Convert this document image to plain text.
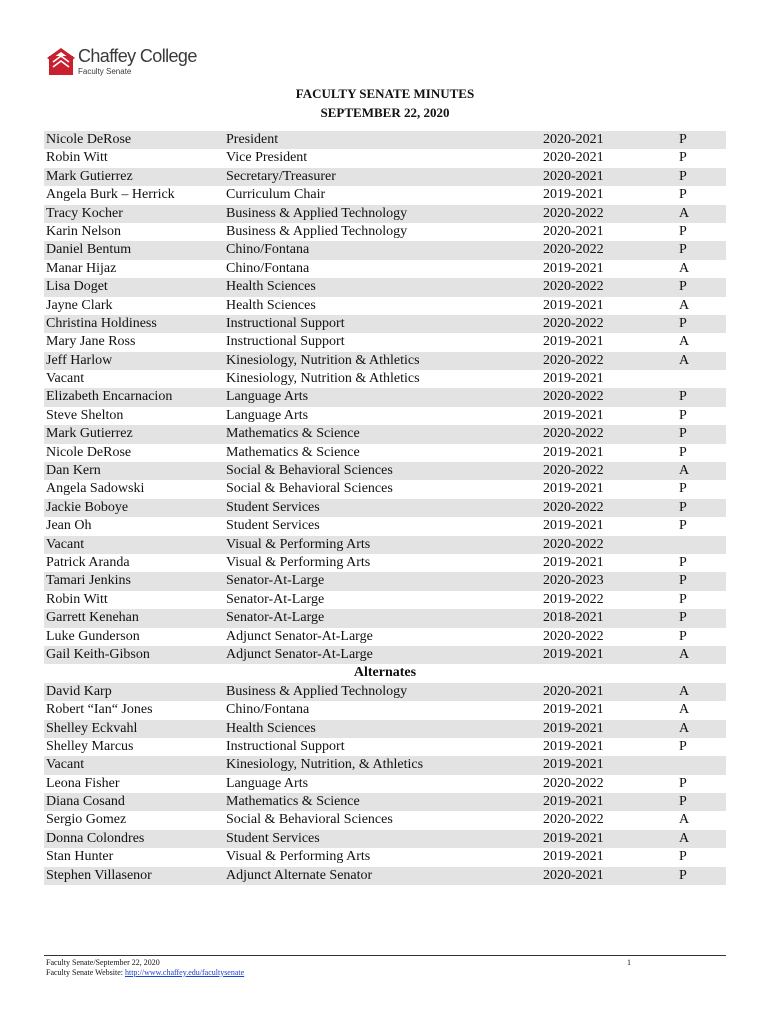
Chaffey College
Faculty Senate
FACULTY SENATE MINUTES
SEPTEMBER 22, 2020
Nicole DeRose	President	2020-2021	P
Robin Witt	Vice President	2020-2021	P
Mark Gutierrez	Secretary/Treasurer	2020-2021	P
Angela Burk – Herrick	Curriculum Chair	2019-2021	P
Tracy Kocher	Business & Applied Technology	2020-2022	A
Karin Nelson	Business & Applied Technology	2020-2021	P
Daniel Bentum	Chino/Fontana	2020-2022	P
Manar Hijaz	Chino/Fontana	2019-2021	A
Lisa Doget	Health Sciences	2020-2022	P
Jayne Clark	Health Sciences	2019-2021	A
Christina Holdiness	Instructional Support	2020-2022	P
Mary Jane Ross	Instructional Support	2019-2021	A
Jeff Harlow	Kinesiology, Nutrition & Athletics	2020-2022	A
Vacant	Kinesiology, Nutrition & Athletics	2019-2021
Elizabeth Encarnacion	Language Arts	2020-2022	P
Steve Shelton	Language Arts	2019-2021	P
Mark Gutierrez	Mathematics & Science	2020-2022	P
Nicole DeRose	Mathematics & Science	2019-2021	P
Dan Kern	Social & Behavioral Sciences	2020-2022	A
Angela Sadowski	Social & Behavioral Sciences	2019-2021	P
Jackie Boboye	Student Services	2020-2022	P
Jean Oh	Student Services	2019-2021	P
Vacant	Visual & Performing Arts	2020-2022
Patrick Aranda	Visual & Performing Arts	2019-2021	P
Tamari Jenkins	Senator-At-Large	2020-2023	P
Robin Witt	Senator-At-Large	2019-2022	P
Garrett Kenehan	Senator-At-Large	2018-2021	P
Luke Gunderson	Adjunct Senator-At-Large	2020-2022	P
Gail Keith-Gibson	Adjunct Senator-At-Large	2019-2021	A
Alternates
David Karp	Business & Applied Technology	2020-2021	A
Robert “Ian“ Jones	Chino/Fontana	2019-2021	A
Shelley Eckvahl	Health Sciences	2019-2021	A
Shelley Marcus	Instructional Support	2019-2021	P
Vacant	Kinesiology, Nutrition, & Athletics	2019-2021
Leona Fisher	Language Arts	2020-2022	P
Diana Cosand	Mathematics & Science	2019-2021	P
Sergio Gomez	Social & Behavioral Sciences	2020-2022	A
Donna Colondres	Student Services	2019-2021	A
Stan Hunter	Visual & Performing Arts	2019-2021	P
Stephen Villasenor	Adjunct Alternate Senator	2020-2021	P
Faculty Senate/September 22, 2020
Faculty Senate Website: http://www.chaffey.edu/facultysenate
1
